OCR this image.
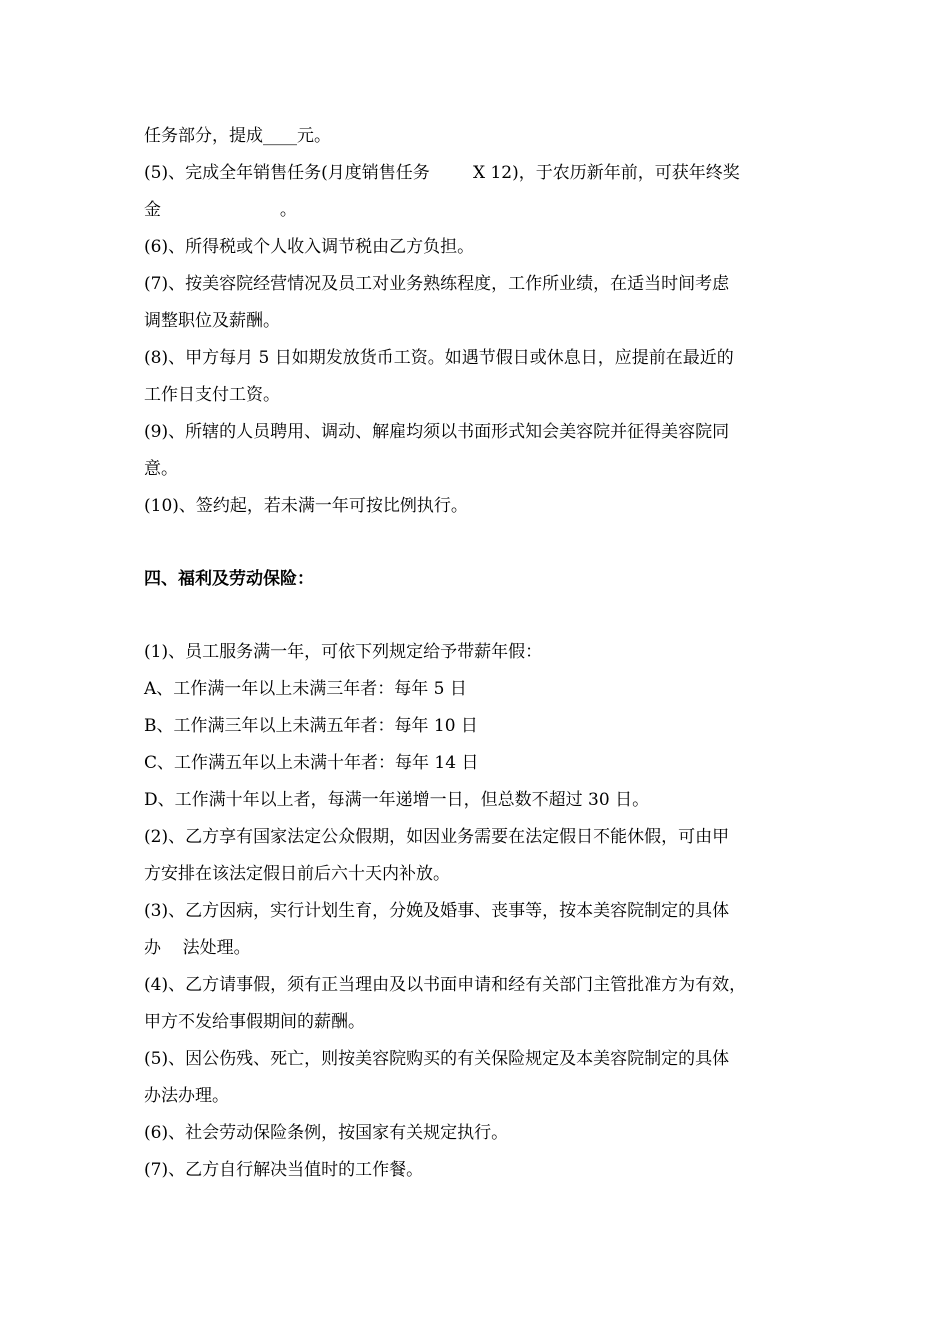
任务部分，提成____元。

(5)、完成全年销售任务(月度销售任务        X 12)，于农历新年前，可获年终奖

金                      。

(6)、所得税或个人收入调节税由乙方负担。

(7)、按美容院经营情况及员工对业务熟练程度，工作所业绩，在适当时间考虑

调整职位及薪酬。

(8)、甲方每月 5 日如期发放货币工资。如遇节假日或休息日，应提前在最近的

工作日支付工资。

(9)、所辖的人员聘用、调动、解雇均须以书面形式知会美容院并征得美容院同

意。

(10)、签约起，若未满一年可按比例执行。

四、福利及劳动保险：

(1)、员工服务满一年，可依下列规定给予带薪年假：

A、工作满一年以上未满三年者：每年 5 日

B、工作满三年以上未满五年者：每年 10 日

C、工作满五年以上未满十年者：每年 14 日

D、工作满十年以上者，每满一年递增一日，但总数不超过 30 日。

(2)、乙方享有国家法定公众假期，如因业务需要在法定假日不能休假，可由甲

方安排在该法定假日前后六十天内补放。

(3)、乙方因病，实行计划生育，分娩及婚事、丧事等，按本美容院制定的具体

办    法处理。

(4)、乙方请事假，须有正当理由及以书面申请和经有关部门主管批准方为有效，

甲方不发给事假期间的薪酬。

(5)、因公伤残、死亡，则按美容院购买的有关保险规定及本美容院制定的具体

办法办理。

(6)、社会劳动保险条例，按国家有关规定执行。

(7)、乙方自行解决当值时的工作餐。
